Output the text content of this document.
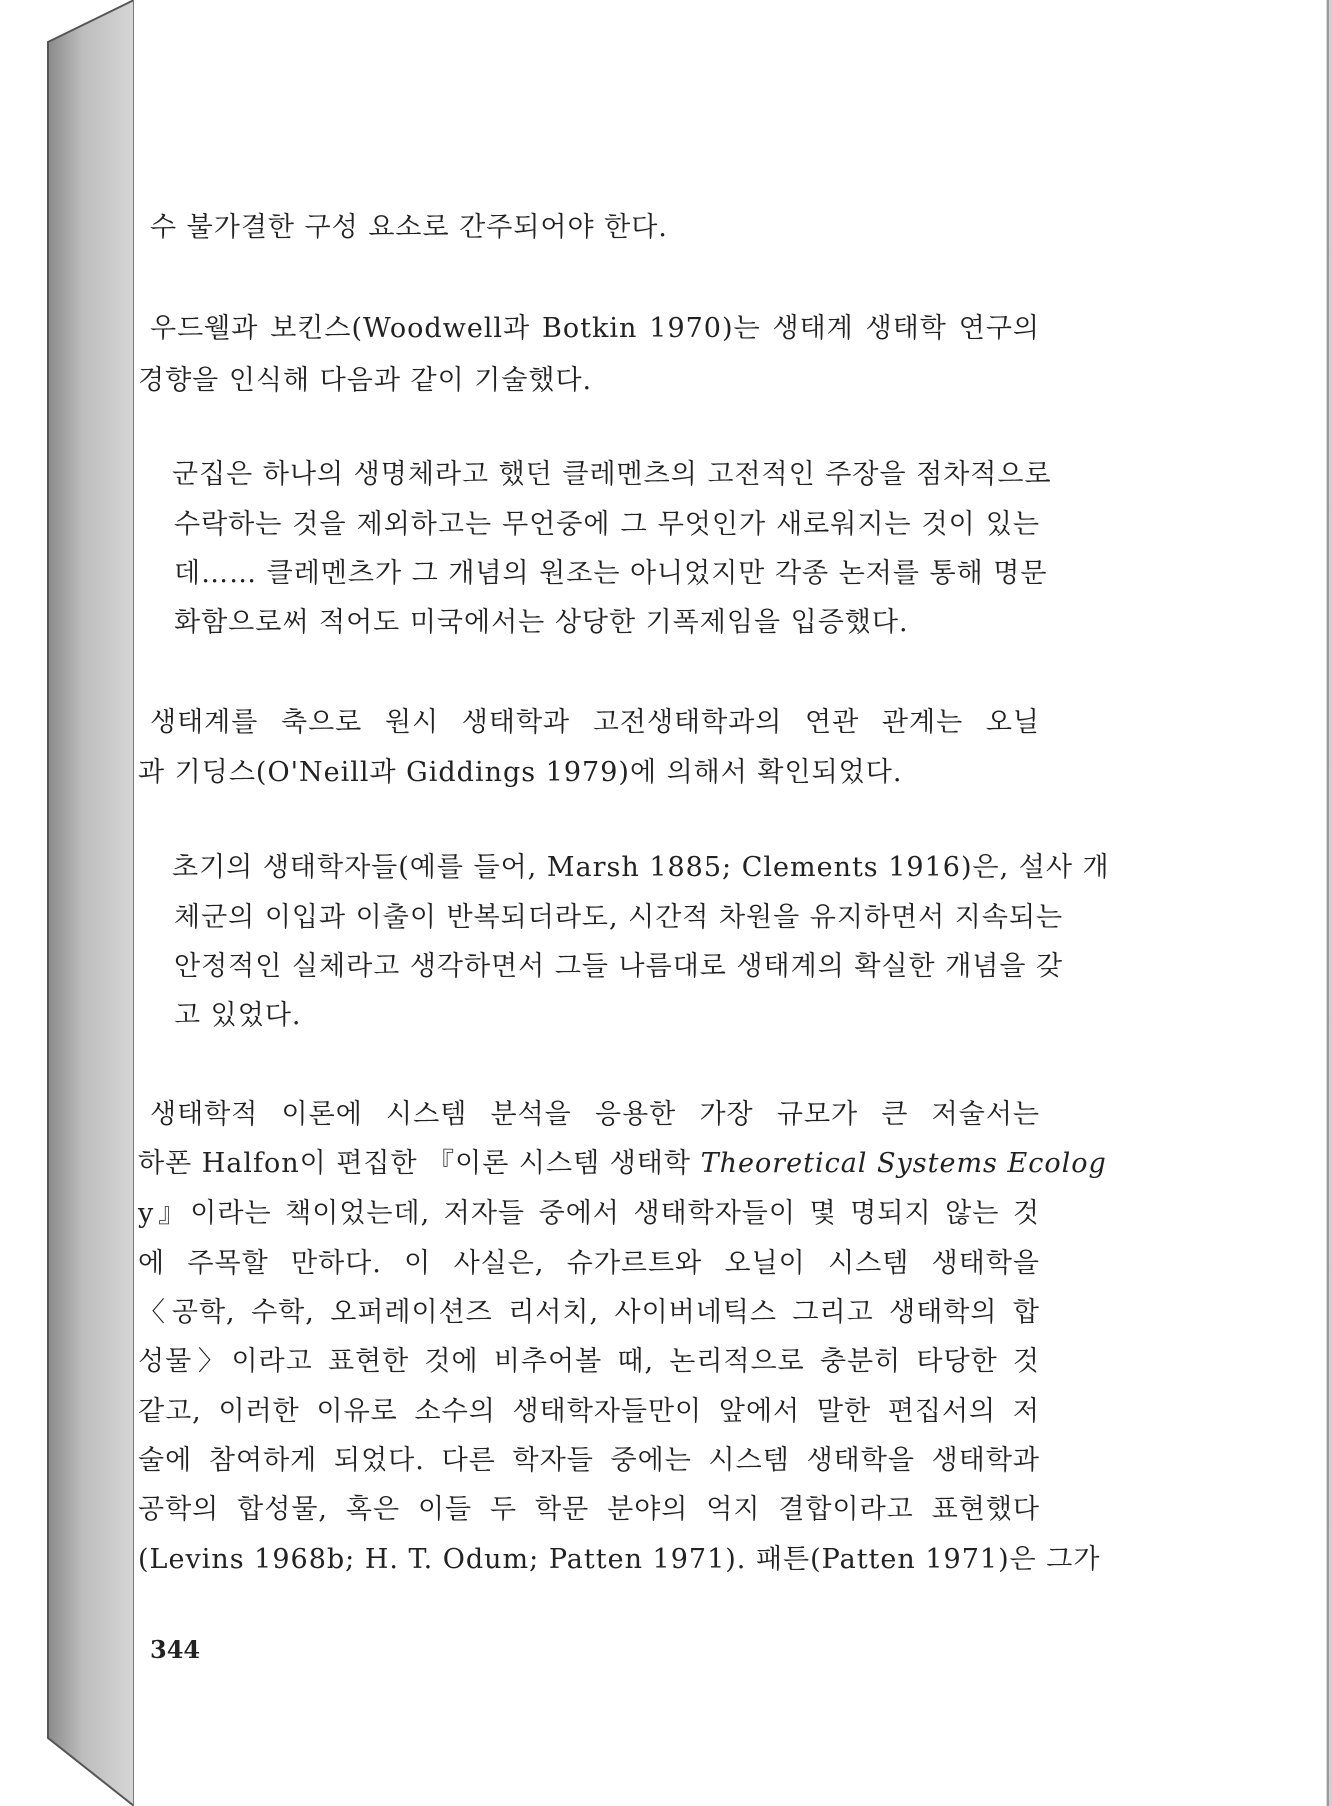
수 불가결한 구성 요소로 간주되어야 한다.
우드웰과 보킨스(Woodwell과 Botkin 1970)는 생태계 생태학 연구의
경향을 인식해 다음과 같이 기술했다.
군집은 하나의 생명체라고 했던 클레멘츠의 고전적인 주장을 점차적으로
수락하는 것을 제외하고는 무언중에 그 무엇인가 새로워지는 것이 있는
데…… 클레멘츠가 그 개념의 원조는 아니었지만 각종 논저를 통해 명문
화함으로써 적어도 미국에서는 상당한 기폭제임을 입증했다.
생태계를 축으로 원시 생태학과 고전생태학과의 연관 관계는 오닐
과 기딩스(O'Neill과 Giddings 1979)에 의해서 확인되었다.
초기의 생태학자들(예를 들어, Marsh 1885; Clements 1916)은, 설사 개
체군의 이입과 이출이 반복되더라도, 시간적 차원을 유지하면서 지속되는
안정적인 실체라고 생각하면서 그들 나름대로 생태계의 확실한 개념을 갖
고 있었다.
생태학적 이론에 시스템 분석을 응용한 가장 규모가 큰 저술서는
하폰 Halfon이 편집한 『이론 시스템 생태학 Theoretical Systems Ecolog
y』이라는 책이었는데, 저자들 중에서 생태학자들이 몇 명되지 않는 것
에 주목할 만하다. 이 사실은, 슈가르트와 오닐이 시스템 생태학을
〈공학, 수학, 오퍼레이션즈 리서치, 사이버네틱스 그리고 생태학의 합
성물〉이라고 표현한 것에 비추어볼 때, 논리적으로 충분히 타당한 것
같고, 이러한 이유로 소수의 생태학자들만이 앞에서 말한 편집서의 저
술에 참여하게 되었다. 다른 학자들 중에는 시스템 생태학을 생태학과
공학의 합성물, 혹은 이들 두 학문 분야의 억지 결합이라고 표현했다
(Levins 1968b; H. T. Odum; Patten 1971). 패튼(Patten 1971)은 그가
344
